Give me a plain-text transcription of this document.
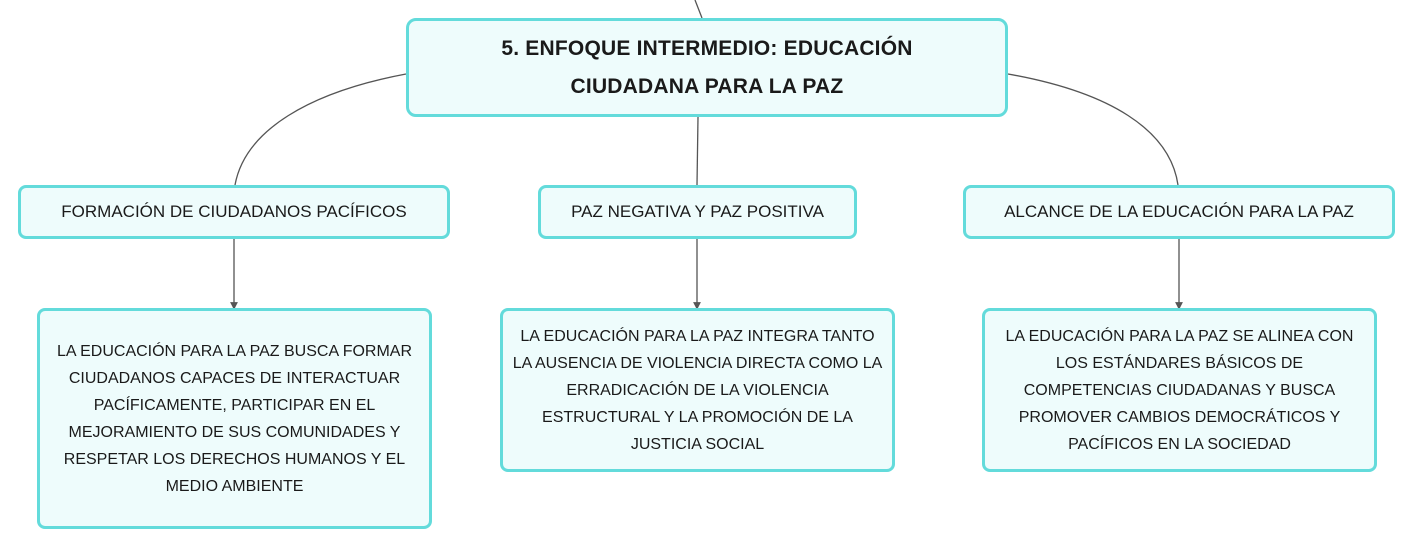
5. ENFOQUE INTERMEDIO: EDUCACIÓN CIUDADANA PARA LA PAZ
FORMACIÓN DE CIUDADANOS PACÍFICOS	PAZ NEGATIVA Y PAZ POSITIVA	ALCANCE DE LA EDUCACIÓN PARA LA PAZ
LA EDUCACIÓN PARA LA PAZ BUSCA FORMAR CIUDADANOS CAPACES DE INTERACTUAR PACÍFICAMENTE, PARTICIPAR EN EL MEJORAMIENTO DE SUS COMUNIDADES Y RESPETAR LOS DERECHOS HUMANOS Y EL MEDIO AMBIENTE
LA EDUCACIÓN PARA LA PAZ INTEGRA TANTO LA AUSENCIA DE VIOLENCIA DIRECTA COMO LA ERRADICACIÓN DE LA VIOLENCIA ESTRUCTURAL Y LA PROMOCIÓN DE LA JUSTICIA SOCIAL
LA EDUCACIÓN PARA LA PAZ SE ALINEA CON LOS ESTÁNDARES BÁSICOS DE COMPETENCIAS CIUDADANAS Y BUSCA PROMOVER CAMBIOS DEMOCRÁTICOS Y PACÍFICOS EN LA SOCIEDAD
